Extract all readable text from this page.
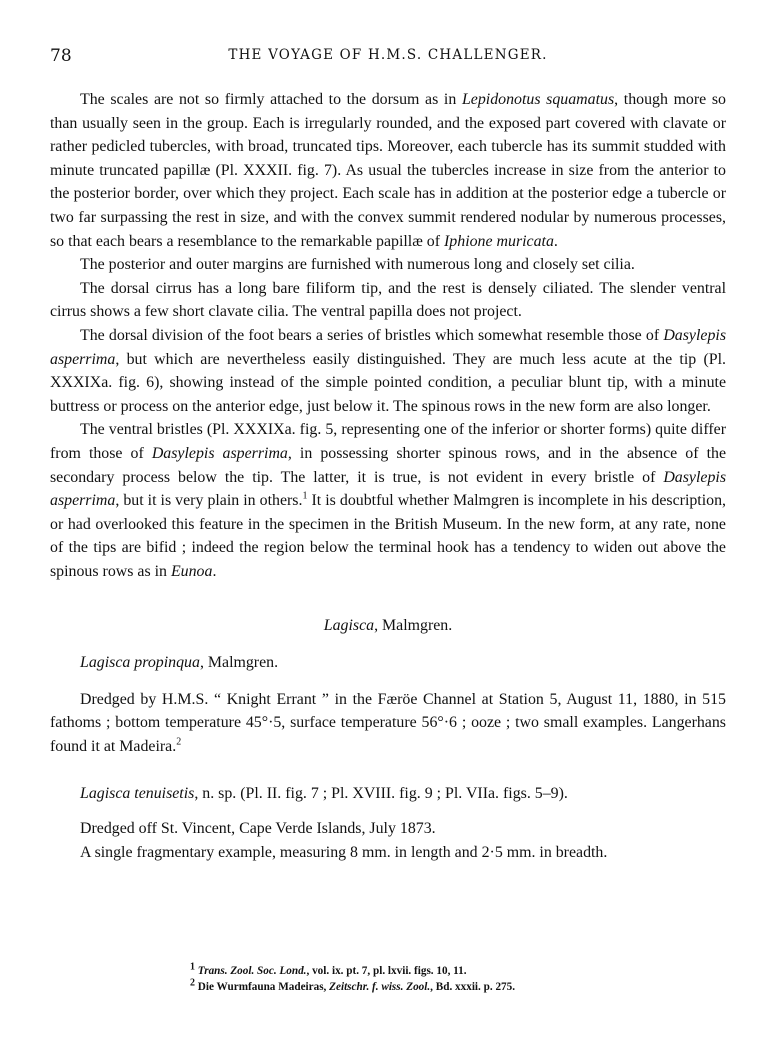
78	THE VOYAGE OF H.M.S. CHALLENGER.

The scales are not so firmly attached to the dorsum as in Lepidonotus squamatus, though more so than usually seen in the group. Each is irregularly rounded, and the exposed part covered with clavate or rather pedicled tubercles, with broad, truncated tips. Moreover, each tubercle has its summit studded with minute truncated papillæ (Pl. XXXII. fig. 7). As usual the tubercles increase in size from the anterior to the posterior border, over which they project. Each scale has in addition at the posterior edge a tubercle or two far surpassing the rest in size, and with the convex summit rendered nodular by numerous processes, so that each bears a resemblance to the remarkable papillæ of Iphione muricata.

The posterior and outer margins are furnished with numerous long and closely set cilia.

The dorsal cirrus has a long bare filiform tip, and the rest is densely ciliated. The slender ventral cirrus shows a few short clavate cilia. The ventral papilla does not project.

The dorsal division of the foot bears a series of bristles which somewhat resemble those of Dasylepis asperrima, but which are nevertheless easily distinguished. They are much less acute at the tip (Pl. XXXIXa. fig. 6), showing instead of the simple pointed condition, a peculiar blunt tip, with a minute buttress or process on the anterior edge, just below it. The spinous rows in the new form are also longer.

The ventral bristles (Pl. XXXIXa. fig. 5, representing one of the inferior or shorter forms) quite differ from those of Dasylepis asperrima, in possessing shorter spinous rows, and in the absence of the secondary process below the tip. The latter, it is true, is not evident in every bristle of Dasylepis asperrima, but it is very plain in others.$^1$ It is doubtful whether Malmgren is incomplete in his description, or had overlooked this feature in the specimen in the British Museum. In the new form, at any rate, none of the tips are bifid ; indeed the region below the terminal hook has a tendency to widen out above the spinous rows as in Eunoa.

Lagisca, Malmgren.

Lagisca propinqua, Malmgren.

Dredged by H.M.S. “ Knight Errant ” in the Færöe Channel at Station 5, August 11, 1880, in 515 fathoms ; bottom temperature 45°·5, surface temperature 56°·6 ; ooze ; two small examples. Langerhans found it at Madeira.$^2$

Lagisca tenuisetis, n. sp. (Pl. II. fig. 7 ; Pl. XVIII. fig. 9 ; Pl. VIIa. figs. 5–9).

Dredged off St. Vincent, Cape Verde Islands, July 1873.

A single fragmentary example, measuring 8 mm. in length and 2·5 mm. in breadth.

$^1$ Trans. Zool. Soc. Lond., vol. ix. pt. 7, pl. lxvii. figs. 10, 11.

$^2$ Die Wurmfauna Madeiras, Zeitschr. f. wiss. Zool., Bd. xxxii. p. 275.
